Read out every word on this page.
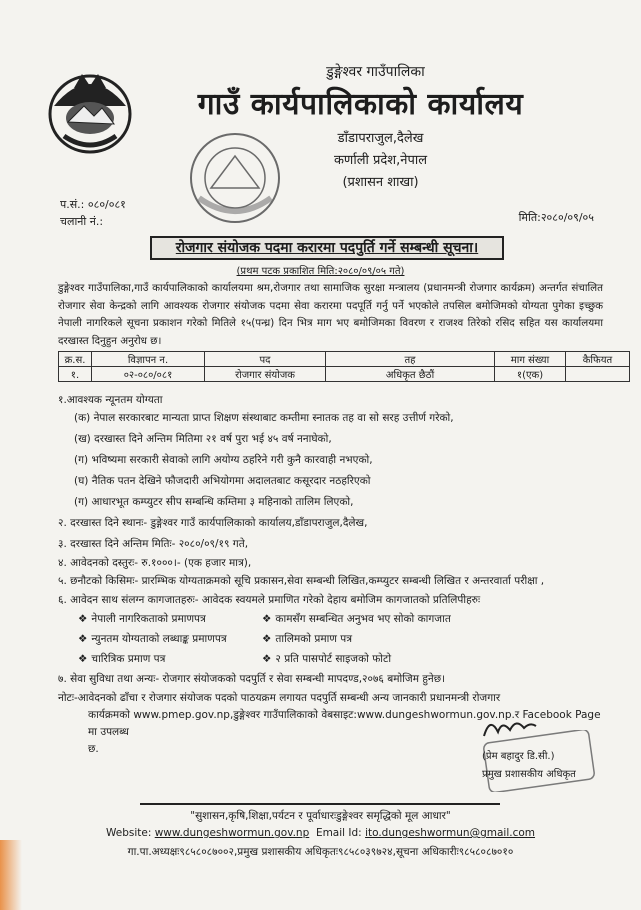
डुङ्गेश्वर गाउँपालिका
गाउँ कार्यपालिकाको कार्यालय
डाँडापराजुल,दैलेख
कर्णाली प्रदेश,नेपाल
(प्रशासन शाखा)
प.सं.: ०८०/०८१
चलानी नं.:	मिति:२०८०/०९/०५
रोजगार संयोजक पदमा करारमा पदपुर्ति गर्ने सम्बन्धी सूचना।
(प्रथम पटक प्रकाशित मिति:२०८०/०९/०५ गते)
डुङ्गेश्वर गाउँपालिका,गाउँ कार्यपालिकाको कार्यालयमा श्रम,रोजगार तथा सामाजिक सुरक्षा मन्त्रालय (प्रधानमन्त्री रोजगार कार्यक्रम) अन्तर्गत संचालित रोजगार सेवा केन्द्रको लागि आवश्यक रोजगार संयोजक पदमा सेवा करारमा पदपूर्ति गर्नु पर्ने भएकोले तपसिल बमोजिमको योग्यता पुगेका इच्छुक नेपाली नागरिकले सूचना प्रकाशन गरेको मितिले १५(पन्ध्र) दिन भित्र माग भए बमोजिमका विवरण र राजश्व तिरेको रसिद सहित यस कार्यालयमा दरखास्त दिनुहुन अनुरोध छ।
क्र.स.	विज्ञापन न.	पद	तह	माग संख्या	कैफियत
१.	०२-०८०/०८१	रोजगार संयोजक	अधिकृत छैठौं	१(एक)	
१.आवश्यक न्यूनतम योग्यता
(क) नेपाल सरकारबाट मान्यता प्राप्त शिक्षण संस्थाबाट कम्तीमा स्नातक तह वा सो सरह उत्तीर्ण गरेको,
(ख) दरखास्त दिने अन्तिम मितिमा २१ वर्ष पुरा भई ४५ वर्ष ननाघेको,
(ग) भविष्यमा सरकारी सेवाको लागि अयोग्य ठहरिने गरी कुनै कारवाही नभएको,
(घ) नैतिक पतन देखिने फौजदारी अभियोगमा अदालतबाट कसूरदार नठहरिएको
(ग) आधारभूत कम्प्युटर सीप सम्बन्धि कम्तिमा ३ महिनाको तालिम लिएको,
२. दरखास्त दिने स्थानः- डुङ्गेश्वर गाउँ कार्यपालिकाको कार्यालय,डाँडापराजुल,दैलेख,
३. दरखास्त दिने अन्तिम मितिः- २०८०/०९/१९ गते,
४. आवेदनको दस्तुरः- रु.१०००।- (एक हजार मात्र),
५. छनौटको किसिमः- प्रारम्भिक योग्यताक्रमको सूचि प्रकासन,सेवा सम्बन्धी लिखित,कम्प्युटर सम्बन्धी लिखित र अन्तरवार्ता परीक्षा ,
६. आवेदन साथ संलग्न कागजातहरुः- आवेदक स्वयमले प्रमाणित गरेको देहाय बमोजिम कागजातको प्रतिलिपीहरुः
❖ नेपाली नागरिकताको प्रमाणपत्र	❖ कामसँग सम्बन्धित अनुभव भए सोको कागजात
❖ न्युनतम योग्यताको लब्धाङ्क प्रमाणपत्र	❖ तालिमको प्रमाण पत्र
❖ चारित्रिक प्रमाण पत्र	❖ २ प्रति पासपोर्ट साइजको फोटो
७. सेवा सुविधा तथा अन्यः- रोजगार संयोजकको पदपुर्ति र सेवा सम्बन्धी मापदण्ड,२०७६ बमोजिम हुनेछ।
नोटः-आवेदनको ढाँचा र रोजगार संयोजक पदको पाठयक्रम लगायत पदपुर्ति सम्बन्धी अन्य जानकारी प्रधानमन्त्री रोजगार
कार्यक्रमको www.pmep.gov.np,डुङ्गेश्वर गाउँपालिकाको वेबसाइट:www.dungeshwormun.gov.np.र Facebook Page मा उपलब्ध
छ.
(प्रेम बहादुर डि.सी.)
प्रमुख प्रशासकीय अधिकृत
"सुशासन,कृषि,शिक्षा,पर्यटन र पूर्वाधारःडुङ्गेश्वर समृद्धिको मूल आधार"
Website: www.dungeshwormun.gov.np Email Id: ito.dungeshwormun@gmail.com
गा.पा.अध्यक्षः९८५८०८७००२,प्रमुख प्रशासकीय अधिकृतः९८५८०३९७२४,सूचना अधिकारीः९८५८०८७०१०
